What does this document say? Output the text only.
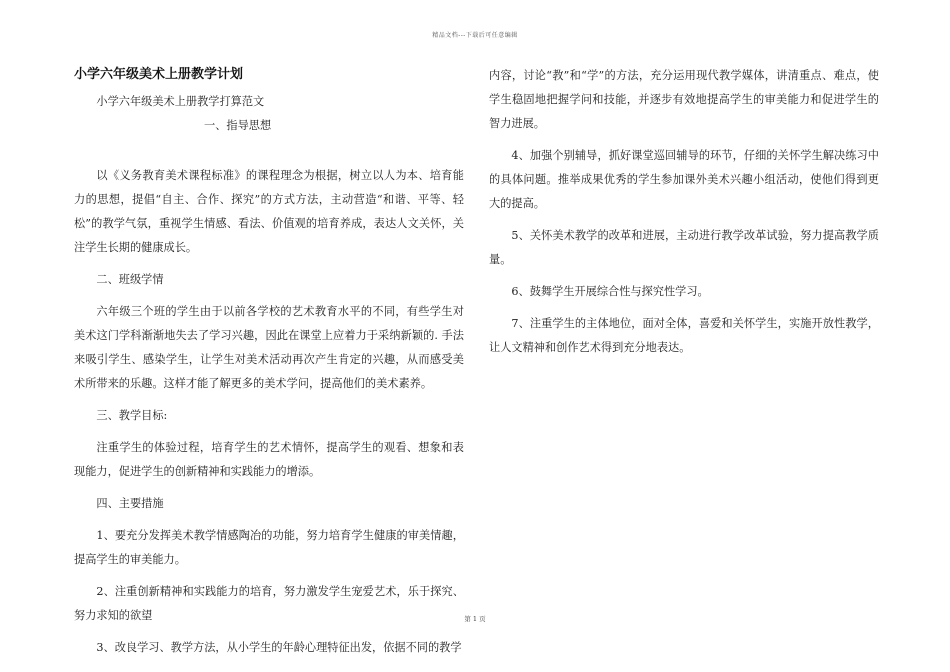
精品文档---下载后可任意编辑
小学六年级美术上册教学计划

小学六年级美术上册教学打算范文

一、指导思想

以《义务教育美术课程标准》的课程理念为根据，树立以人为本、培育能力的思想，提倡“自主、合作、探究”的方式方法，主动营造“和谐、平等、轻松”的教学气氛，重视学生情感、看法、价值观的培育养成，表达人文关怀，关注学生长期的健康成长。

二、班级学情

六年级三个班的学生由于以前各学校的艺术教育水平的不同，有些学生对美术这门学科渐渐地失去了学习兴趣，因此在课堂上应着力于采纳新颖的. 手法来吸引学生、感染学生，让学生对美术活动再次产生肯定的兴趣，从而感受美术所带来的乐趣。这样才能了解更多的美术学问，提高他们的美术素养。

三、教学目标:

注重学生的体验过程，培育学生的艺术情怀，提高学生的观看、想象和表现能力，促进学生的创新精神和实践能力的增添。

四、主要措施

1、要充分发挥美术教学情感陶冶的功能，努力培育学生健康的审美情趣，提高学生的审美能力。

2、注重创新精神和实践能力的培育，努力激发学生宠爱艺术，乐于探究、努力求知的欲望

3、改良学习、教学方法，从小学生的年龄心理特征出发，依据不同的教学

内容，讨论“教”和“学”的方法，充分运用现代教学媒体，讲清重点、难点，使学生稳固地把握学问和技能，并逐步有效地提高学生的审美能力和促进学生的智力进展。

4、加强个别辅导，抓好课堂巡回辅导的环节，仔细的关怀学生解决练习中的具体问题。推举成果优秀的学生参加课外美术兴趣小组活动，使他们得到更大的提高。

5、关怀美术教学的改革和进展，主动进行教学改革试验，努力提高教学质量。

6、鼓舞学生开展综合性与探究性学习。

7、注重学生的主体地位，面对全体，喜爱和关怀学生，实施开放性教学，让人文精神和创作艺术得到充分地表达。

第 1 页
